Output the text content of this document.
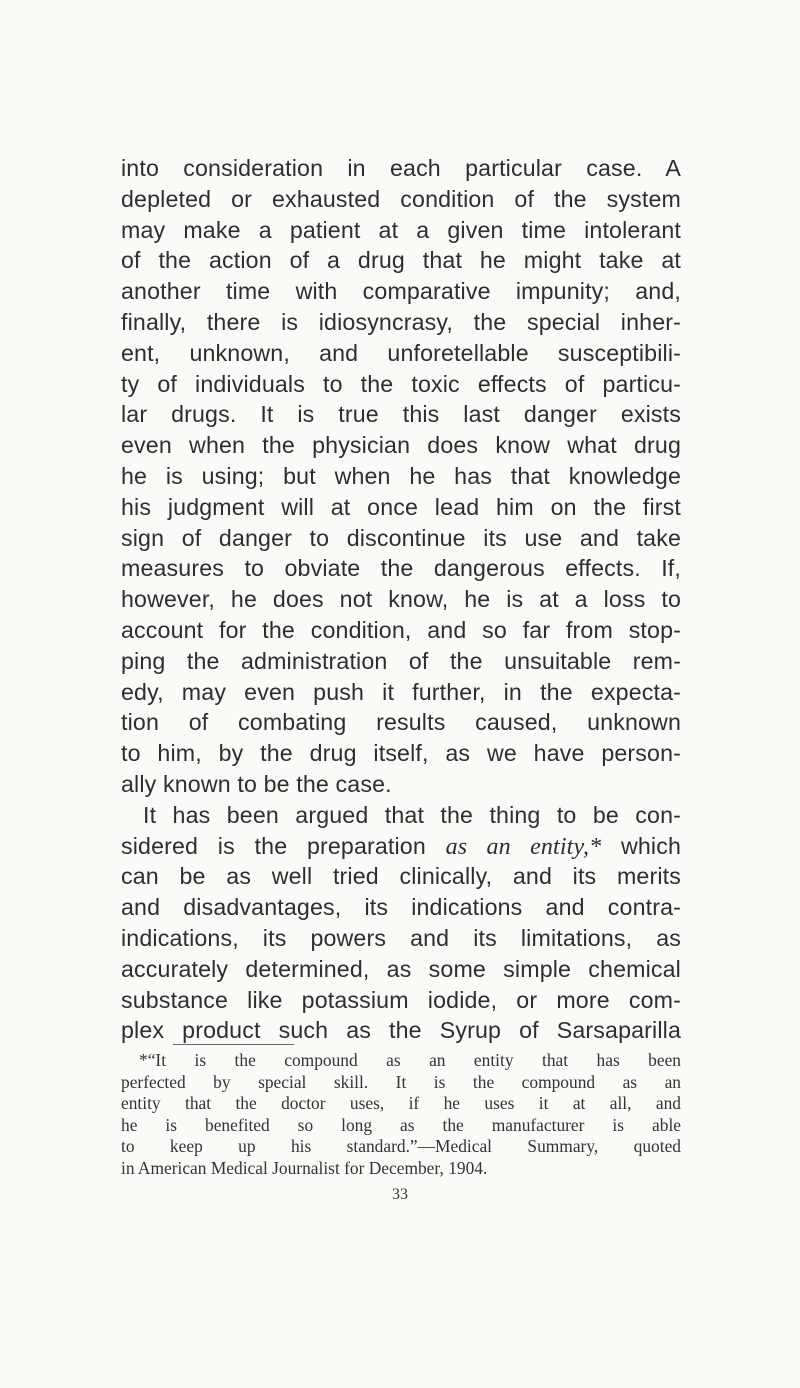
into consideration in each particular case. A
depleted or exhausted condition of the system
may make a patient at a given time intolerant
of the action of a drug that he might take at
another time with comparative impunity; and,
finally, there is idiosyncrasy, the special inher-
ent, unknown, and unforetellable susceptibili-
ty of individuals to the toxic effects of particu-
lar drugs. It is true this last danger exists
even when the physician does know what drug
he is using; but when he has that knowledge
his judgment will at once lead him on the first
sign of danger to discontinue its use and take
measures to obviate the dangerous effects. If,
however, he does not know, he is at a loss to
account for the condition, and so far from stop-
ping the administration of the unsuitable rem-
edy, may even push it further, in the expecta-
tion of combating results caused, unknown
to him, by the drug itself, as we have person-
ally known to be the case.
It has been argued that the thing to be con-
sidered is the preparation as an entity,* which
can be as well tried clinically, and its merits
and disadvantages, its indications and contra-
indications, its powers and its limitations, as
accurately determined, as some simple chemical
substance like potassium iodide, or more com-
plex product such as the Syrup of Sarsaparilla
*“It is the compound as an entity that has been
perfected by special skill. It is the compound as an
entity that the doctor uses, if he uses it at all, and
he is benefited so long as the manufacturer is able
to keep up his standard.”—Medical Summary, quoted
in American Medical Journalist for December, 1904.
33
